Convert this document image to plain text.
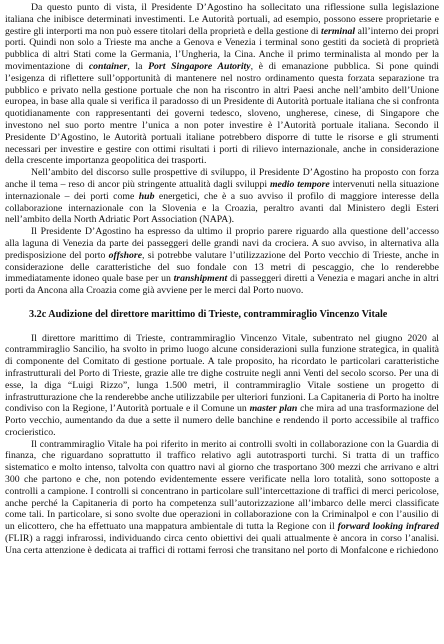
Da questo punto di vista, il Presidente D’Agostino ha sollecitato una riflessione sulla legislazione italiana che inibisce determinati investimenti. Le Autorità portuali, ad esempio, possono essere proprietarie e gestire gli interporti ma non può essere titolari della proprietà e della gestione di terminal all’interno dei propri porti. Quindi non solo a Trieste ma anche a Genova e Venezia i terminal sono gestiti da società di proprietà pubblica di altri Stati come la Germania, l’Ungheria, la Cina. Anche il primo terminalista al mondo per la movimentazione di container, la Port Singapore Autority, è di emanazione pubblica. Si pone quindi l’esigenza di riflettere sull’opportunità di mantenere nel nostro ordinamento questa forzata separazione tra pubblico e privato nella gestione portuale che non ha riscontro in altri Paesi anche nell’ambito dell’Unione europea, in base alla quale si verifica il paradosso di un Presidente di Autorità portuale italiana che si confronta quotidianamente con rappresentanti dei governi tedesco, sloveno, ungherese, cinese, di Singapore che investono nel suo porto mentre l’unica a non poter investire è l’Autorità portuale italiana. Secondo il Presidente D’Agostino, le Autorità portuali italiane potrebbero disporre di tutte le risorse e gli strumenti necessari per investire e gestire con ottimi risultati i porti di rilievo internazionale, anche in considerazione della crescente importanza geopolitica dei trasporti.

Nell’ambito del discorso sulle prospettive di sviluppo, il Presidente D’Agostino ha proposto con forza anche il tema – reso di ancor più stringente attualità dagli sviluppi medio tempore intervenuti nella situazione internazionale – dei porti come hub energetici, che è a suo avviso il profilo di maggiore interesse della collaborazione internazionale con la Slovenia e la Croazia, peraltro avanti dal Ministero degli Esteri nell’ambito della North Adriatic Port Association (NAPA).

Il Presidente D’Agostino ha espresso da ultimo il proprio parere riguardo alla questione dell’accesso alla laguna di Venezia da parte dei passeggeri delle grandi navi da crociera. A suo avviso, in alternativa alla predisposizione del porto offshore, si potrebbe valutare l’utilizzazione del Porto vecchio di Trieste, anche in considerazione delle caratteristiche del suo fondale con 13 metri di pescaggio, che lo renderebbe immediatamente idoneo quale base per un transhipment di passeggeri diretti a Venezia e magari anche in altri porti da Ancona alla Croazia come già avviene per le merci dal Porto nuovo.

3.2c Audizione del direttore marittimo di Trieste, contrammiraglio Vincenzo Vitale

Il direttore marittimo di Trieste, contrammiraglio Vincenzo Vitale, subentrato nel giugno 2020 al contrammiraglio Sancilio, ha svolto in primo luogo alcune considerazioni sulla funzione strategica, in qualità di componente del Comitato di gestione portuale. A tale proposito, ha ricordato le particolari caratteristiche infrastrutturali del Porto di Trieste, grazie alle tre dighe costruite negli anni Venti del secolo scorso. Per una di esse, la diga “Luigi Rizzo”, lunga 1.500 metri, il contrammiraglio Vitale sostiene un progetto di infrastrutturazione che la renderebbe anche utilizzabile per ulteriori funzioni. La Capitaneria di Porto ha inoltre condiviso con la Regione, l’Autorità portuale e il Comune un master plan che mira ad una trasformazione del Porto vecchio, aumentando da due a sette il numero delle banchine e rendendo il porto accessibile al traffico crocieristico.

Il contrammiraglio Vitale ha poi riferito in merito ai controlli svolti in collaborazione con la Guardia di finanza, che riguardano soprattutto il traffico relativo agli autotrasporti turchi. Si tratta di un traffico sistematico e molto intenso, talvolta con quattro navi al giorno che trasportano 300 mezzi che arrivano e altri 300 che partono e che, non potendo evidentemente essere verificate nella loro totalità, sono sottoposte a controlli a campione. I controlli si concentrano in particolare sull’intercettazione di traffici di merci pericolose, anche perché la Capitaneria di porto ha competenza sull’autorizzazione all’imbarco delle merci classificate come tali. In particolare, si sono svolte due operazioni in collaborazione con la Criminalpol e con l’ausilio di un elicottero, che ha effettuato una mappatura ambientale di tutta la Regione con il forward looking infrared (FLIR) a raggi infrarossi, individuando circa cento obiettivi dei quali attualmente è ancora in corso l’analisi. Una certa attenzione è dedicata ai traffici di rottami ferrosi che transitano nel porto di Monfalcone e richiedono
